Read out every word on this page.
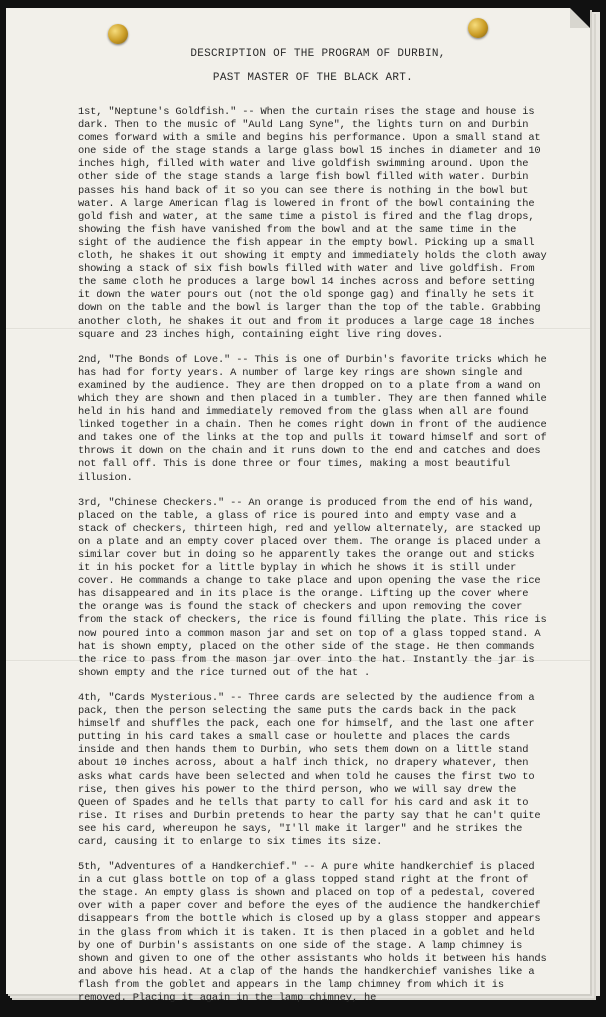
DESCRIPTION OF THE PROGRAM OF DURBIN,
PAST MASTER OF THE BLACK ART.

1st, "Neptune's Goldfish." -- When the curtain rises the stage and house is dark. Then to the music of "Auld Lang Syne", the lights turn on and Durbin comes forward with a smile and begins his performance. Upon a small stand at one side of the stage stands a large glass bowl 15 inches in diameter and 10 inches high, filled with water and live goldfish swimming around. Upon the other side of the stage stands a large fish bowl filled with water. Durbin passes his hand back of it so you can see there is nothing in the bowl but water. A large American flag is lowered in front of the bowl containing the gold fish and water, at the same time a pistol is fired and the flag drops, showing the fish have vanished from the bowl and at the same time in the sight of the audience the fish appear in the empty bowl. Picking up a small cloth, he shakes it out showing it empty and immediately holds the cloth away showing a stack of six fish bowls filled with water and live goldfish. From the same cloth he produces a large bowl 14 inches across and before setting it down the water pours out (not the old sponge gag) and finally he sets it down on the table and the bowl is larger than the top of the table. Grabbing another cloth, he shakes it out and from it produces a large cage 18 inches square and 23 inches high, containing eight live ring doves.

2nd, "The Bonds of Love." -- This is one of Durbin's favorite tricks which he has had for forty years. A number of large key rings are shown single and examined by the audience. They are then dropped on to a plate from a wand on which they are shown and then placed in a tumbler. They are then fanned while held in his hand and immediately removed from the glass when all are found linked together in a chain. Then he comes right down in front of the audience and takes one of the links at the top and pulls it toward himself and sort of throws it down on the chain and it runs down to the end and catches and does not fall off. This is done three or four times, making a most beautiful illusion.

3rd, "Chinese Checkers." -- An orange is produced from the end of his wand, placed on the table, a glass of rice is poured into and empty vase and a stack of checkers, thirteen high, red and yellow alternately, are stacked up on a plate and an empty cover placed over them. The orange is placed under a similar cover but in doing so he apparently takes the orange out and sticks it in his pocket for a little byplay in which he shows it is still under cover. He commands a change to take place and upon opening the vase the rice has disappeared and in its place is the orange. Lifting up the cover where the orange was is found the stack of checkers and upon removing the cover from the stack of checkers, the rice is found filling the plate. This rice is now poured into a common mason jar and set on top of a glass topped stand. A hat is shown empty, placed on the other side of the stage. He then commands the rice to pass from the mason jar over into the hat. Instantly the jar is shown empty and the rice turned out of the hat .

4th, "Cards Mysterious." -- Three cards are selected by the audience from a pack, then the person selecting the same puts the cards back in the pack himself and shuffles the pack, each one for himself, and the last one after putting in his card takes a small case or houlette and places the cards inside and then hands them to Durbin, who sets them down on a little stand about 10 inches across, about a half inch thick, no drapery whatever, then asks what cards have been selected and when told he causes the first two to rise, then gives his power to the third person, who we will say drew the Queen of Spades and he tells that party to call for his card and ask it to rise. It rises and Durbin pretends to hear the party say that he can't quite see his card, whereupon he says, "I'll make it larger" and he strikes the card, causing it to enlarge to six times its size.

5th, "Adventures of a Handkerchief." -- A pure white handkerchief is placed in a cut glass bottle on top of a glass topped stand right at the front of the stage. An empty glass is shown and placed on top of a pedestal, covered over with a paper cover and before the eyes of the audience the handkerchief disappears from the bottle which is closed up by a glass stopper and appears in the glass from which it is taken. It is then placed in a goblet and held by one of Durbin's assistants on one side of the stage. A lamp chimney is shown and given to one of the other assistants who holds it between his hands and above his head. At a clap of the hands the handkerchief vanishes like a flash from the goblet and appears in the lamp chimney from which it is removed. Placing it again in the lamp chimney, he
